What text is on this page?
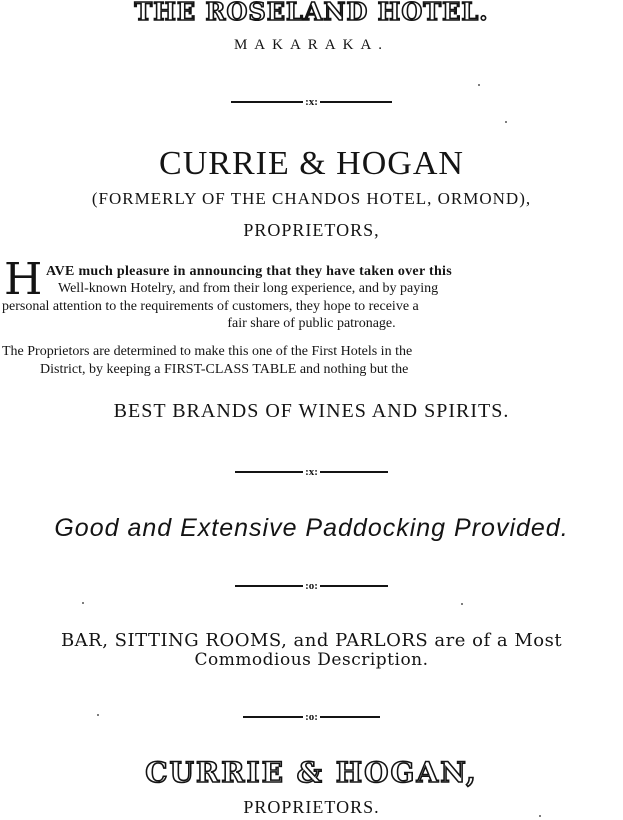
THE ROSELAND HOTEL.

MAKARAKA.

:x:

CURRIE & HOGAN

(FORMERLY OF THE CHANDOS HOTEL, ORMOND),

PROPRIETORS,

H AVE much pleasure in announcing that they have taken over this

Well-known Hotelry, and from their long experience, and by paying

personal attention to the requirements of customers, they hope to receive a

fair share of public patronage.

The Proprietors are determined to make this one of the First Hotels in the

District, by keeping a FIRST-CLASS TABLE and nothing but the

BEST BRANDS OF WINES AND SPIRITS.

:x:

Good and Extensive Paddocking Provided.

:o:

BAR, SITTING ROOMS, and PARLORS are of a Most

Commodious Description.

:o:

CURRIE & HOGAN,

PROPRIETORS.
